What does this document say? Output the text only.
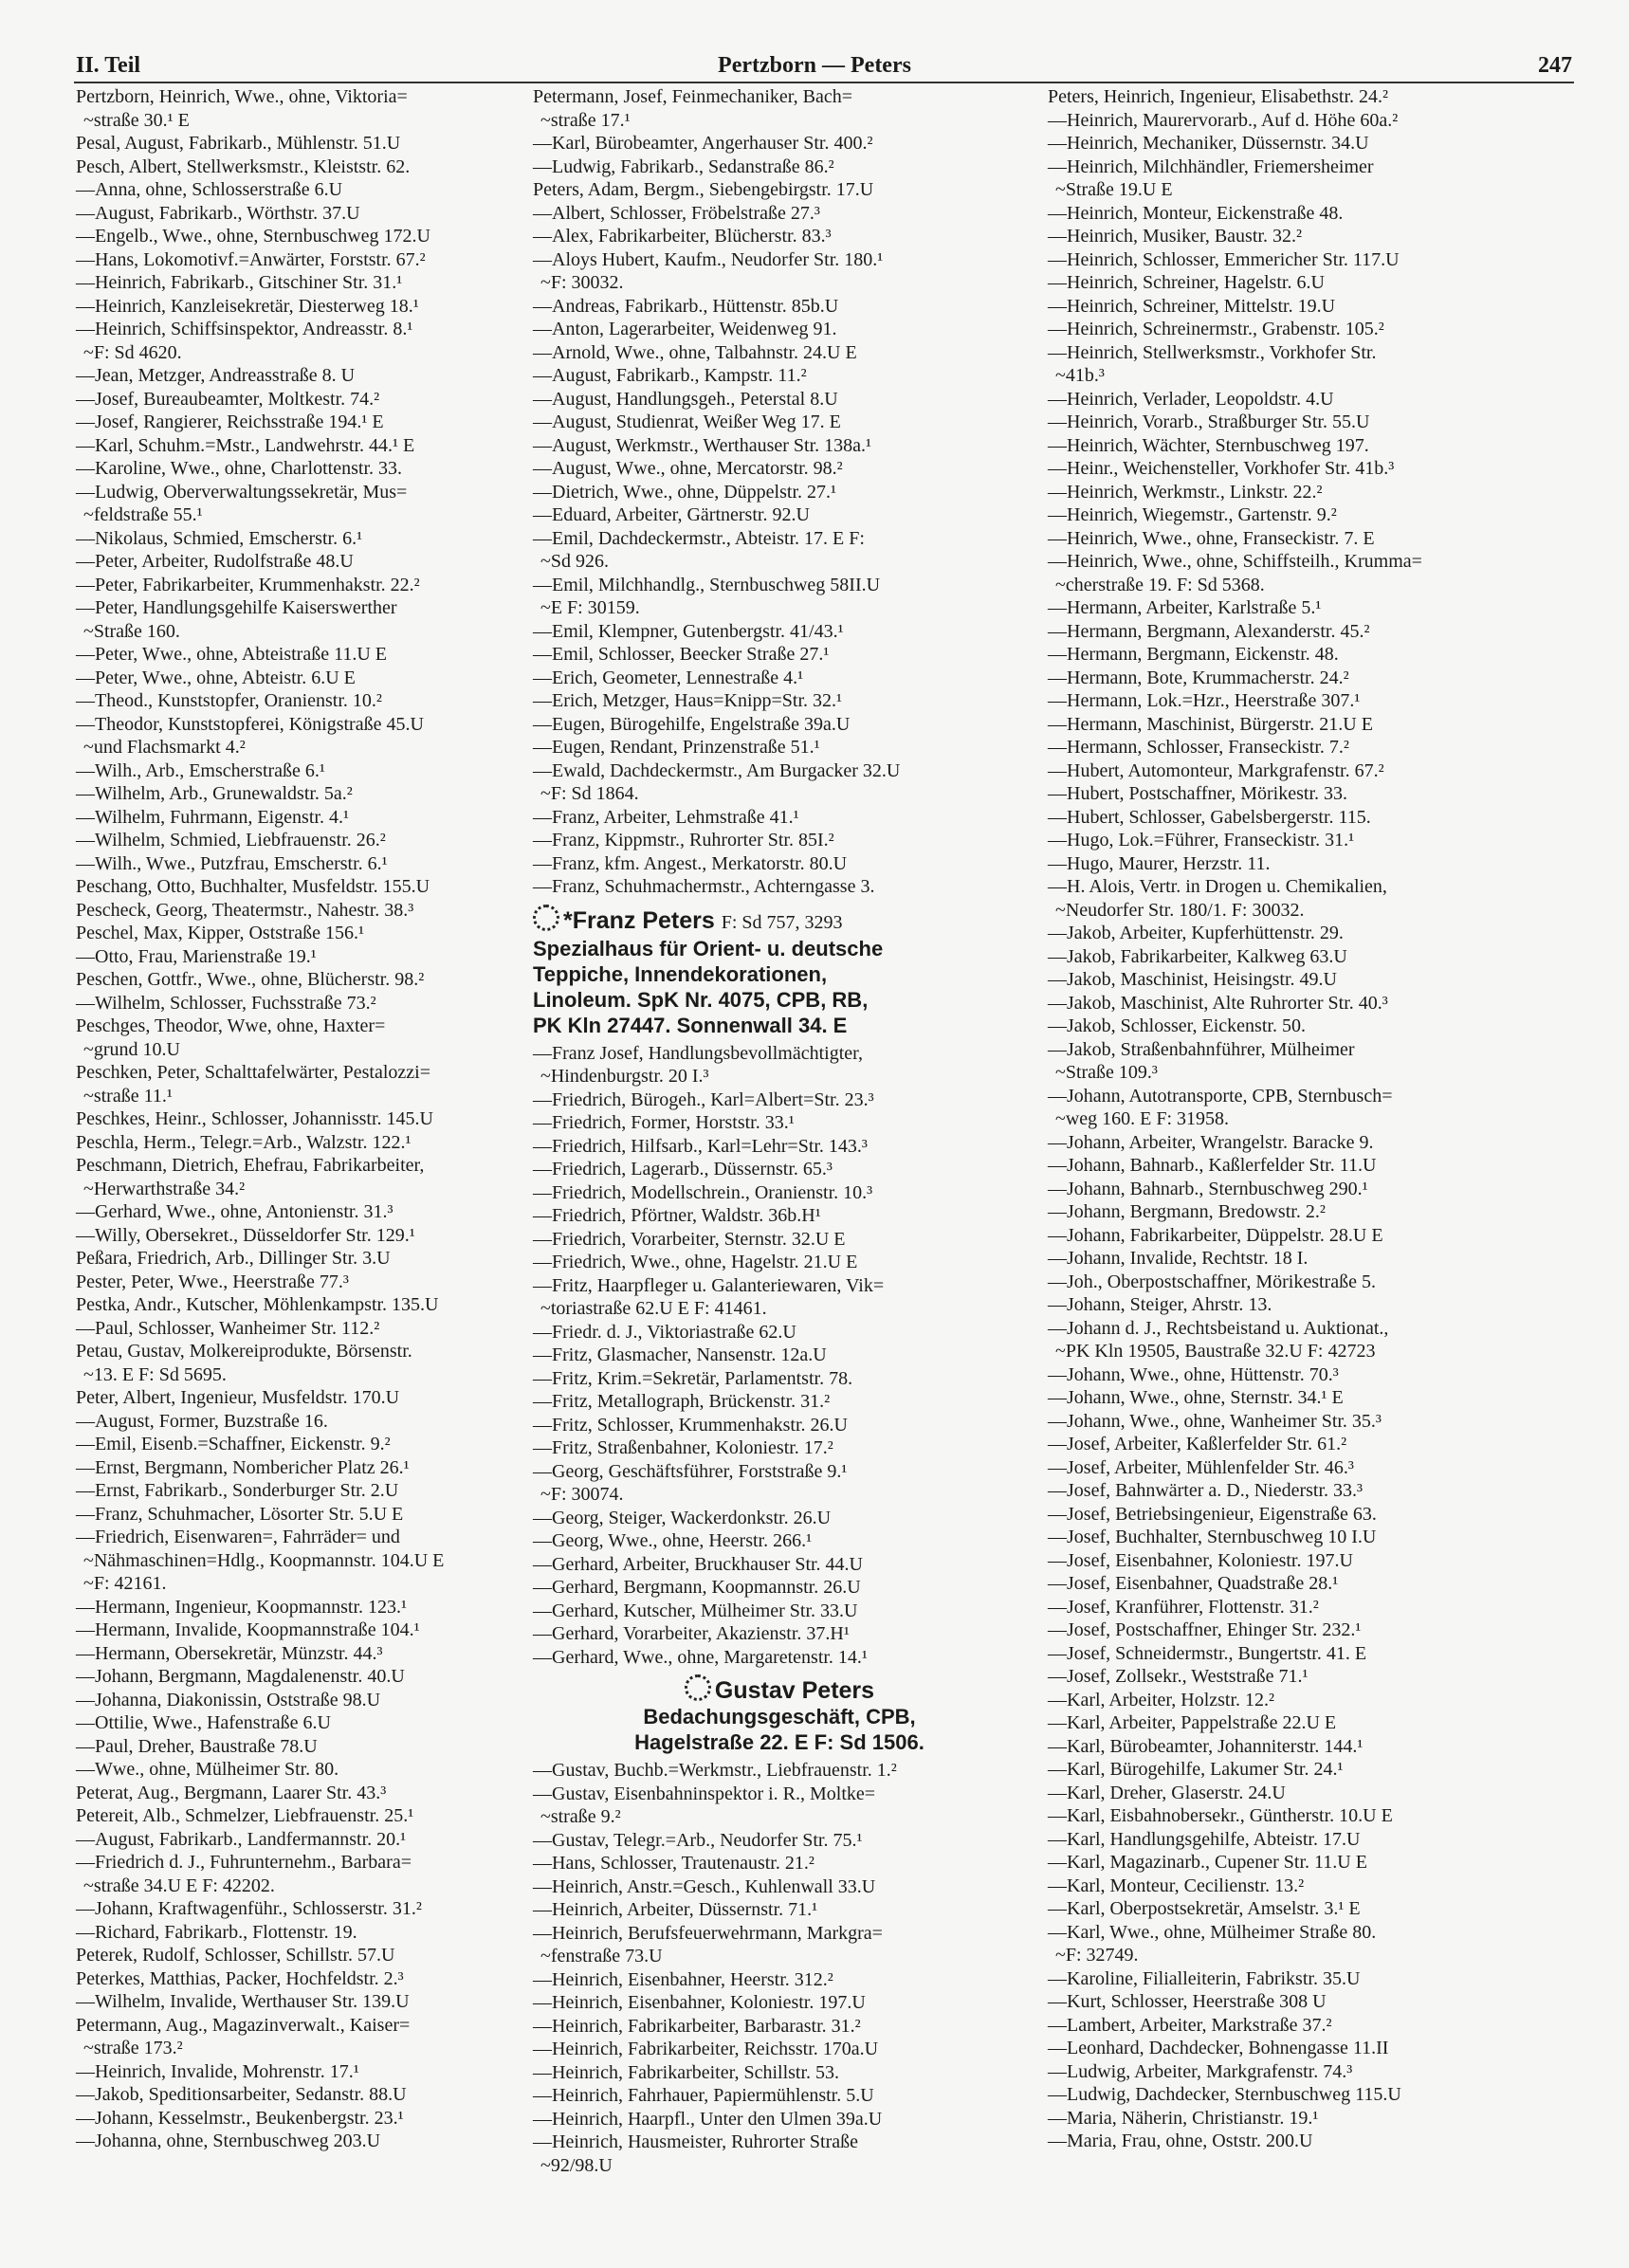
II. Teil	Pertzborn — Peters	247
Pertzborn, Heinrich, Wwe., ohne, Viktoria=
~straße 30.¹ E
Pesal, August, Fabrikarb., Mühlenstr. 51.U
Pesch, Albert, Stellwerksmstr., Kleiststr. 62.
—Anna, ohne, Schlosserstraße 6.U
—August, Fabrikarb., Wörthstr. 37.U
—Engelb., Wwe., ohne, Sternbuschweg 172.U
—Hans, Lokomotivf.=Anwärter, Forststr. 67.²
—Heinrich, Fabrikarb., Gitschiner Str. 31.¹
—Heinrich, Kanzleisekretär, Diesterweg 18.¹
—Heinrich, Schiffsinspektor, Andreasstr. 8.¹
~F: Sd 4620.
—Jean, Metzger, Andreasstraße 8. U
—Josef, Bureaubeamter, Moltkestr. 74.²
—Josef, Rangierer, Reichsstraße 194.¹ E
—Karl, Schuhm.=Mstr., Landwehrstr. 44.¹ E
—Karoline, Wwe., ohne, Charlottenstr. 33.
—Ludwig, Oberverwaltungssekretär, Mus=
~feldstraße 55.¹
—Nikolaus, Schmied, Emscherstr. 6.¹
—Peter, Arbeiter, Rudolfstraße 48.U
—Peter, Fabrikarbeiter, Krummenhakstr. 22.²
—Peter, Handlungsgehilfe Kaiserswerther
~Straße 160.
—Peter, Wwe., ohne, Abteistraße 11.U E
—Peter, Wwe., ohne, Abteistr. 6.U E
—Theod., Kunststopfer, Oranienstr. 10.²
—Theodor, Kunststopferei, Königstraße 45.U
~und Flachsmarkt 4.²
—Wilh., Arb., Emscherstraße 6.¹
—Wilhelm, Arb., Grunewaldstr. 5a.²
—Wilhelm, Fuhrmann, Eigenstr. 4.¹
—Wilhelm, Schmied, Liebfrauenstr. 26.²
—Wilh., Wwe., Putzfrau, Emscherstr. 6.¹
Peschang, Otto, Buchhalter, Musfeldstr. 155.U
Pescheck, Georg, Theatermstr., Nahestr. 38.³
Peschel, Max, Kipper, Oststraße 156.¹
—Otto, Frau, Marienstraße 19.¹
Peschen, Gottfr., Wwe., ohne, Blücherstr. 98.²
—Wilhelm, Schlosser, Fuchsstraße 73.²
Peschges, Theodor, Wwe, ohne, Haxter=
~grund 10.U
Peschken, Peter, Schalttafelwärter, Pestalozzi=
~straße 11.¹
Peschkes, Heinr., Schlosser, Johannisstr. 145.U
Peschla, Herm., Telegr.=Arb., Walzstr. 122.¹
Peschmann, Dietrich, Ehefrau, Fabrikarbeiter,
~Herwarthstraße 34.²
—Gerhard, Wwe., ohne, Antonienstr. 31.³
—Willy, Obersekret., Düsseldorfer Str. 129.¹
Peßara, Friedrich, Arb., Dillinger Str. 3.U
Pester, Peter, Wwe., Heerstraße 77.³
Pestka, Andr., Kutscher, Möhlenkampstr. 135.U
—Paul, Schlosser, Wanheimer Str. 112.²
Petau, Gustav, Molkereiprodukte, Börsenstr.
~13. E F: Sd 5695.
Peter, Albert, Ingenieur, Musfeldstr. 170.U
—August, Former, Buzstraße 16.
—Emil, Eisenb.=Schaffner, Eickenstr. 9.²
—Ernst, Bergmann, Nombericher Platz 26.¹
—Ernst, Fabrikarb., Sonderburger Str. 2.U
—Franz, Schuhmacher, Lösorter Str. 5.U E
—Friedrich, Eisenwaren=, Fahrräder= und
~Nähmaschinen=Hdlg., Koopmannstr. 104.U E
~F: 42161.
—Hermann, Ingenieur, Koopmannstr. 123.¹
—Hermann, Invalide, Koopmannstraße 104.¹
—Hermann, Obersekretär, Münzstr. 44.³
—Johann, Bergmann, Magdalenenstr. 40.U
—Johanna, Diakonissin, Oststraße 98.U
—Ottilie, Wwe., Hafenstraße 6.U
—Paul, Dreher, Baustraße 78.U
—Wwe., ohne, Mülheimer Str. 80.
Peterat, Aug., Bergmann, Laarer Str. 43.³
Petereit, Alb., Schmelzer, Liebfrauenstr. 25.¹
—August, Fabrikarb., Landfermannstr. 20.¹
—Friedrich d. J., Fuhrunternehm., Barbara=
~straße 34.U E F: 42202.
—Johann, Kraftwagenführ., Schlosserstr. 31.²
—Richard, Fabrikarb., Flottenstr. 19.
Peterek, Rudolf, Schlosser, Schillstr. 57.U
Peterkes, Matthias, Packer, Hochfeldstr. 2.³
—Wilhelm, Invalide, Werthauser Str. 139.U
Petermann, Aug., Magazinverwalt., Kaiser=
~straße 173.²
—Heinrich, Invalide, Mohrenstr. 17.¹
—Jakob, Speditionsarbeiter, Sedanstr. 88.U
—Johann, Kesselmstr., Beukenbergstr. 23.¹
—Johanna, ohne, Sternbuschweg 203.U
Petermann, Josef, Feinmechaniker, Bach=
~straße 17.¹
—Karl, Bürobeamter, Angerhauser Str. 400.²
—Ludwig, Fabrikarb., Sedanstraße 86.²
Peters, Adam, Bergm., Siebengebirgstr. 17.U
—Albert, Schlosser, Fröbelstraße 27.³
—Alex, Fabrikarbeiter, Blücherstr. 83.³
—Aloys Hubert, Kaufm., Neudorfer Str. 180.¹
~F: 30032.
—Andreas, Fabrikarb., Hüttenstr. 85b.U
—Anton, Lagerarbeiter, Weidenweg 91.
—Arnold, Wwe., ohne, Talbahnstr. 24.U E
—August, Fabrikarb., Kampstr. 11.²
—August, Handlungsgeh., Peterstal 8.U
—August, Studienrat, Weißer Weg 17. E
—August, Werkmstr., Werthauser Str. 138a.¹
—August, Wwe., ohne, Mercatorstr. 98.²
—Dietrich, Wwe., ohne, Düppelstr. 27.¹
—Eduard, Arbeiter, Gärtnerstr. 92.U
—Emil, Dachdeckermstr., Abteistr. 17. E F:
~Sd 926.
—Emil, Milchhandlg., Sternbuschweg 58II.U
~E F: 30159.
—Emil, Klempner, Gutenbergstr. 41/43.¹
—Emil, Schlosser, Beecker Straße 27.¹
—Erich, Geometer, Lennestraße 4.¹
—Erich, Metzger, Haus=Knipp=Str. 32.¹
—Eugen, Bürogehilfe, Engelstraße 39a.U
—Eugen, Rendant, Prinzenstraße 51.¹
—Ewald, Dachdeckermstr., Am Burgacker 32.U
~F: Sd 1864.
—Franz, Arbeiter, Lehmstraße 41.¹
—Franz, Kippmstr., Ruhrorter Str. 85I.²
—Franz, kfm. Angest., Merkatorstr. 80.U
—Franz, Schuhmachermstr., Achterngasse 3.
*Franz Peters F: Sd 757, 3293
Spezialhaus für Orient- u. deutsche
Teppiche, Innendekorationen,
Linoleum. SpK Nr. 4075, CPB, RB,
PK Kln 27447. Sonnenwall 34. E
—Franz Josef, Handlungsbevollmächtigter,
~Hindenburgstr. 20 I.³
—Friedrich, Bürogeh., Karl=Albert=Str. 23.³
—Friedrich, Former, Horststr. 33.¹
—Friedrich, Hilfsarb., Karl=Lehr=Str. 143.³
—Friedrich, Lagerarb., Düssernstr. 65.³
—Friedrich, Modellschrein., Oranienstr. 10.³
—Friedrich, Pförtner, Waldstr. 36b.H¹
—Friedrich, Vorarbeiter, Sternstr. 32.U E
—Friedrich, Wwe., ohne, Hagelstr. 21.U E
—Fritz, Haarpfleger u. Galanteriewaren, Vik=
~toriastraße 62.U E F: 41461.
—Friedr. d. J., Viktoriastraße 62.U
—Fritz, Glasmacher, Nansenstr. 12a.U
—Fritz, Krim.=Sekretär, Parlamentstr. 78.
—Fritz, Metallograph, Brückenstr. 31.²
—Fritz, Schlosser, Krummenhakstr. 26.U
—Fritz, Straßenbahner, Koloniestr. 17.²
—Georg, Geschäftsführer, Forststraße 9.¹
~F: 30074.
—Georg, Steiger, Wackerdonkstr. 26.U
—Georg, Wwe., ohne, Heerstr. 266.¹
—Gerhard, Arbeiter, Bruckhauser Str. 44.U
—Gerhard, Bergmann, Koopmannstr. 26.U
—Gerhard, Kutscher, Mülheimer Str. 33.U
—Gerhard, Vorarbeiter, Akazienstr. 37.H¹
—Gerhard, Wwe., ohne, Margaretenstr. 14.¹
Gustav Peters
Bedachungsgeschäft, CPB,
Hagelstraße 22. E F: Sd 1506.
—Gustav, Buchb.=Werkmstr., Liebfrauenstr. 1.²
—Gustav, Eisenbahninspektor i. R., Moltke=
~straße 9.²
—Gustav, Telegr.=Arb., Neudorfer Str. 75.¹
—Hans, Schlosser, Trautenaustr. 21.²
—Heinrich, Anstr.=Gesch., Kuhlenwall 33.U
—Heinrich, Arbeiter, Düssernstr. 71.¹
—Heinrich, Berufsfeuerwehrmann, Markgra=
~fenstraße 73.U
—Heinrich, Eisenbahner, Heerstr. 312.²
—Heinrich, Eisenbahner, Koloniestr. 197.U
—Heinrich, Fabrikarbeiter, Barbarastr. 31.²
—Heinrich, Fabrikarbeiter, Reichsstr. 170a.U
—Heinrich, Fabrikarbeiter, Schillstr. 53.
—Heinrich, Fahrhauer, Papiermühlenstr. 5.U
—Heinrich, Haarpfl., Unter den Ulmen 39a.U
—Heinrich, Hausmeister, Ruhrorter Straße
~92/98.U
Peters, Heinrich, Ingenieur, Elisabethstr. 24.²
—Heinrich, Maurervorarb., Auf d. Höhe 60a.²
—Heinrich, Mechaniker, Düssernstr. 34.U
—Heinrich, Milchhändler, Friemersheimer
~Straße 19.U E
—Heinrich, Monteur, Eickenstraße 48.
—Heinrich, Musiker, Baustr. 32.²
—Heinrich, Schlosser, Emmericher Str. 117.U
—Heinrich, Schreiner, Hagelstr. 6.U
—Heinrich, Schreiner, Mittelstr. 19.U
—Heinrich, Schreinermstr., Grabenstr. 105.²
—Heinrich, Stellwerksmstr., Vorkhofer Str.
~41b.³
—Heinrich, Verlader, Leopoldstr. 4.U
—Heinrich, Vorarb., Straßburger Str. 55.U
—Heinrich, Wächter, Sternbuschweg 197.
—Heinr., Weichensteller, Vorkhofer Str. 41b.³
—Heinrich, Werkmstr., Linkstr. 22.²
—Heinrich, Wiegemstr., Gartenstr. 9.²
—Heinrich, Wwe., ohne, Franseckistr. 7. E
—Heinrich, Wwe., ohne, Schiffsteilh., Krumma=
~cherstraße 19. F: Sd 5368.
—Hermann, Arbeiter, Karlstraße 5.¹
—Hermann, Bergmann, Alexanderstr. 45.²
—Hermann, Bergmann, Eickenstr. 48.
—Hermann, Bote, Krummacherstr. 24.²
—Hermann, Lok.=Hzr., Heerstraße 307.¹
—Hermann, Maschinist, Bürgerstr. 21.U E
—Hermann, Schlosser, Franseckistr. 7.²
—Hubert, Automonteur, Markgrafenstr. 67.²
—Hubert, Postschaffner, Mörikestr. 33.
—Hubert, Schlosser, Gabelsbergerstr. 115.
—Hugo, Lok.=Führer, Franseckistr. 31.¹
—Hugo, Maurer, Herzstr. 11.
—H. Alois, Vertr. in Drogen u. Chemikalien,
~Neudorfer Str. 180/1. F: 30032.
—Jakob, Arbeiter, Kupferhüttenstr. 29.
—Jakob, Fabrikarbeiter, Kalkweg 63.U
—Jakob, Maschinist, Heisingstr. 49.U
—Jakob, Maschinist, Alte Ruhrorter Str. 40.³
—Jakob, Schlosser, Eickenstr. 50.
—Jakob, Straßenbahnführer, Mülheimer
~Straße 109.³
—Johann, Autotransporte, CPB, Sternbusch=
~weg 160. E F: 31958.
—Johann, Arbeiter, Wrangelstr. Baracke 9.
—Johann, Bahnarb., Kaßlerfelder Str. 11.U
—Johann, Bahnarb., Sternbuschweg 290.¹
—Johann, Bergmann, Bredowstr. 2.²
—Johann, Fabrikarbeiter, Düppelstr. 28.U E
—Johann, Invalide, Rechtstr. 18 I.
—Joh., Oberpostschaffner, Mörikestraße 5.
—Johann, Steiger, Ahrstr. 13.
—Johann d. J., Rechtsbeistand u. Auktionat.,
~PK Kln 19505, Baustraße 32.U F: 42723
—Johann, Wwe., ohne, Hüttenstr. 70.³
—Johann, Wwe., ohne, Sternstr. 34.¹ E
—Johann, Wwe., ohne, Wanheimer Str. 35.³
—Josef, Arbeiter, Kaßlerfelder Str. 61.²
—Josef, Arbeiter, Mühlenfelder Str. 46.³
—Josef, Bahnwärter a. D., Niederstr. 33.³
—Josef, Betriebsingenieur, Eigenstraße 63.
—Josef, Buchhalter, Sternbuschweg 10 I.U
—Josef, Eisenbahner, Koloniestr. 197.U
—Josef, Eisenbahner, Quadstraße 28.¹
—Josef, Kranführer, Flottenstr. 31.²
—Josef, Postschaffner, Ehinger Str. 232.¹
—Josef, Schneidermstr., Bungertstr. 41. E
—Josef, Zollsekr., Weststraße 71.¹
—Karl, Arbeiter, Holzstr. 12.²
—Karl, Arbeiter, Pappelstraße 22.U E
—Karl, Bürobeamter, Johanniterstr. 144.¹
—Karl, Bürogehilfe, Lakumer Str. 24.¹
—Karl, Dreher, Glaserstr. 24.U
—Karl, Eisbahnobersekr., Güntherstr. 10.U E
—Karl, Handlungsgehilfe, Abteistr. 17.U
—Karl, Magazinarb., Cupener Str. 11.U E
—Karl, Monteur, Cecilienstr. 13.²
—Karl, Oberpostsekretär, Amselstr. 3.¹ E
—Karl, Wwe., ohne, Mülheimer Straße 80.
~F: 32749.
—Karoline, Filialleiterin, Fabrikstr. 35.U
—Kurt, Schlosser, Heerstraße 308 U
—Lambert, Arbeiter, Markstraße 37.²
—Leonhard, Dachdecker, Bohnengasse 11.II
—Ludwig, Arbeiter, Markgrafenstr. 74.³
—Ludwig, Dachdecker, Sternbuschweg 115.U
—Maria, Näherin, Christianstr. 19.¹
—Maria, Frau, ohne, Oststr. 200.U
